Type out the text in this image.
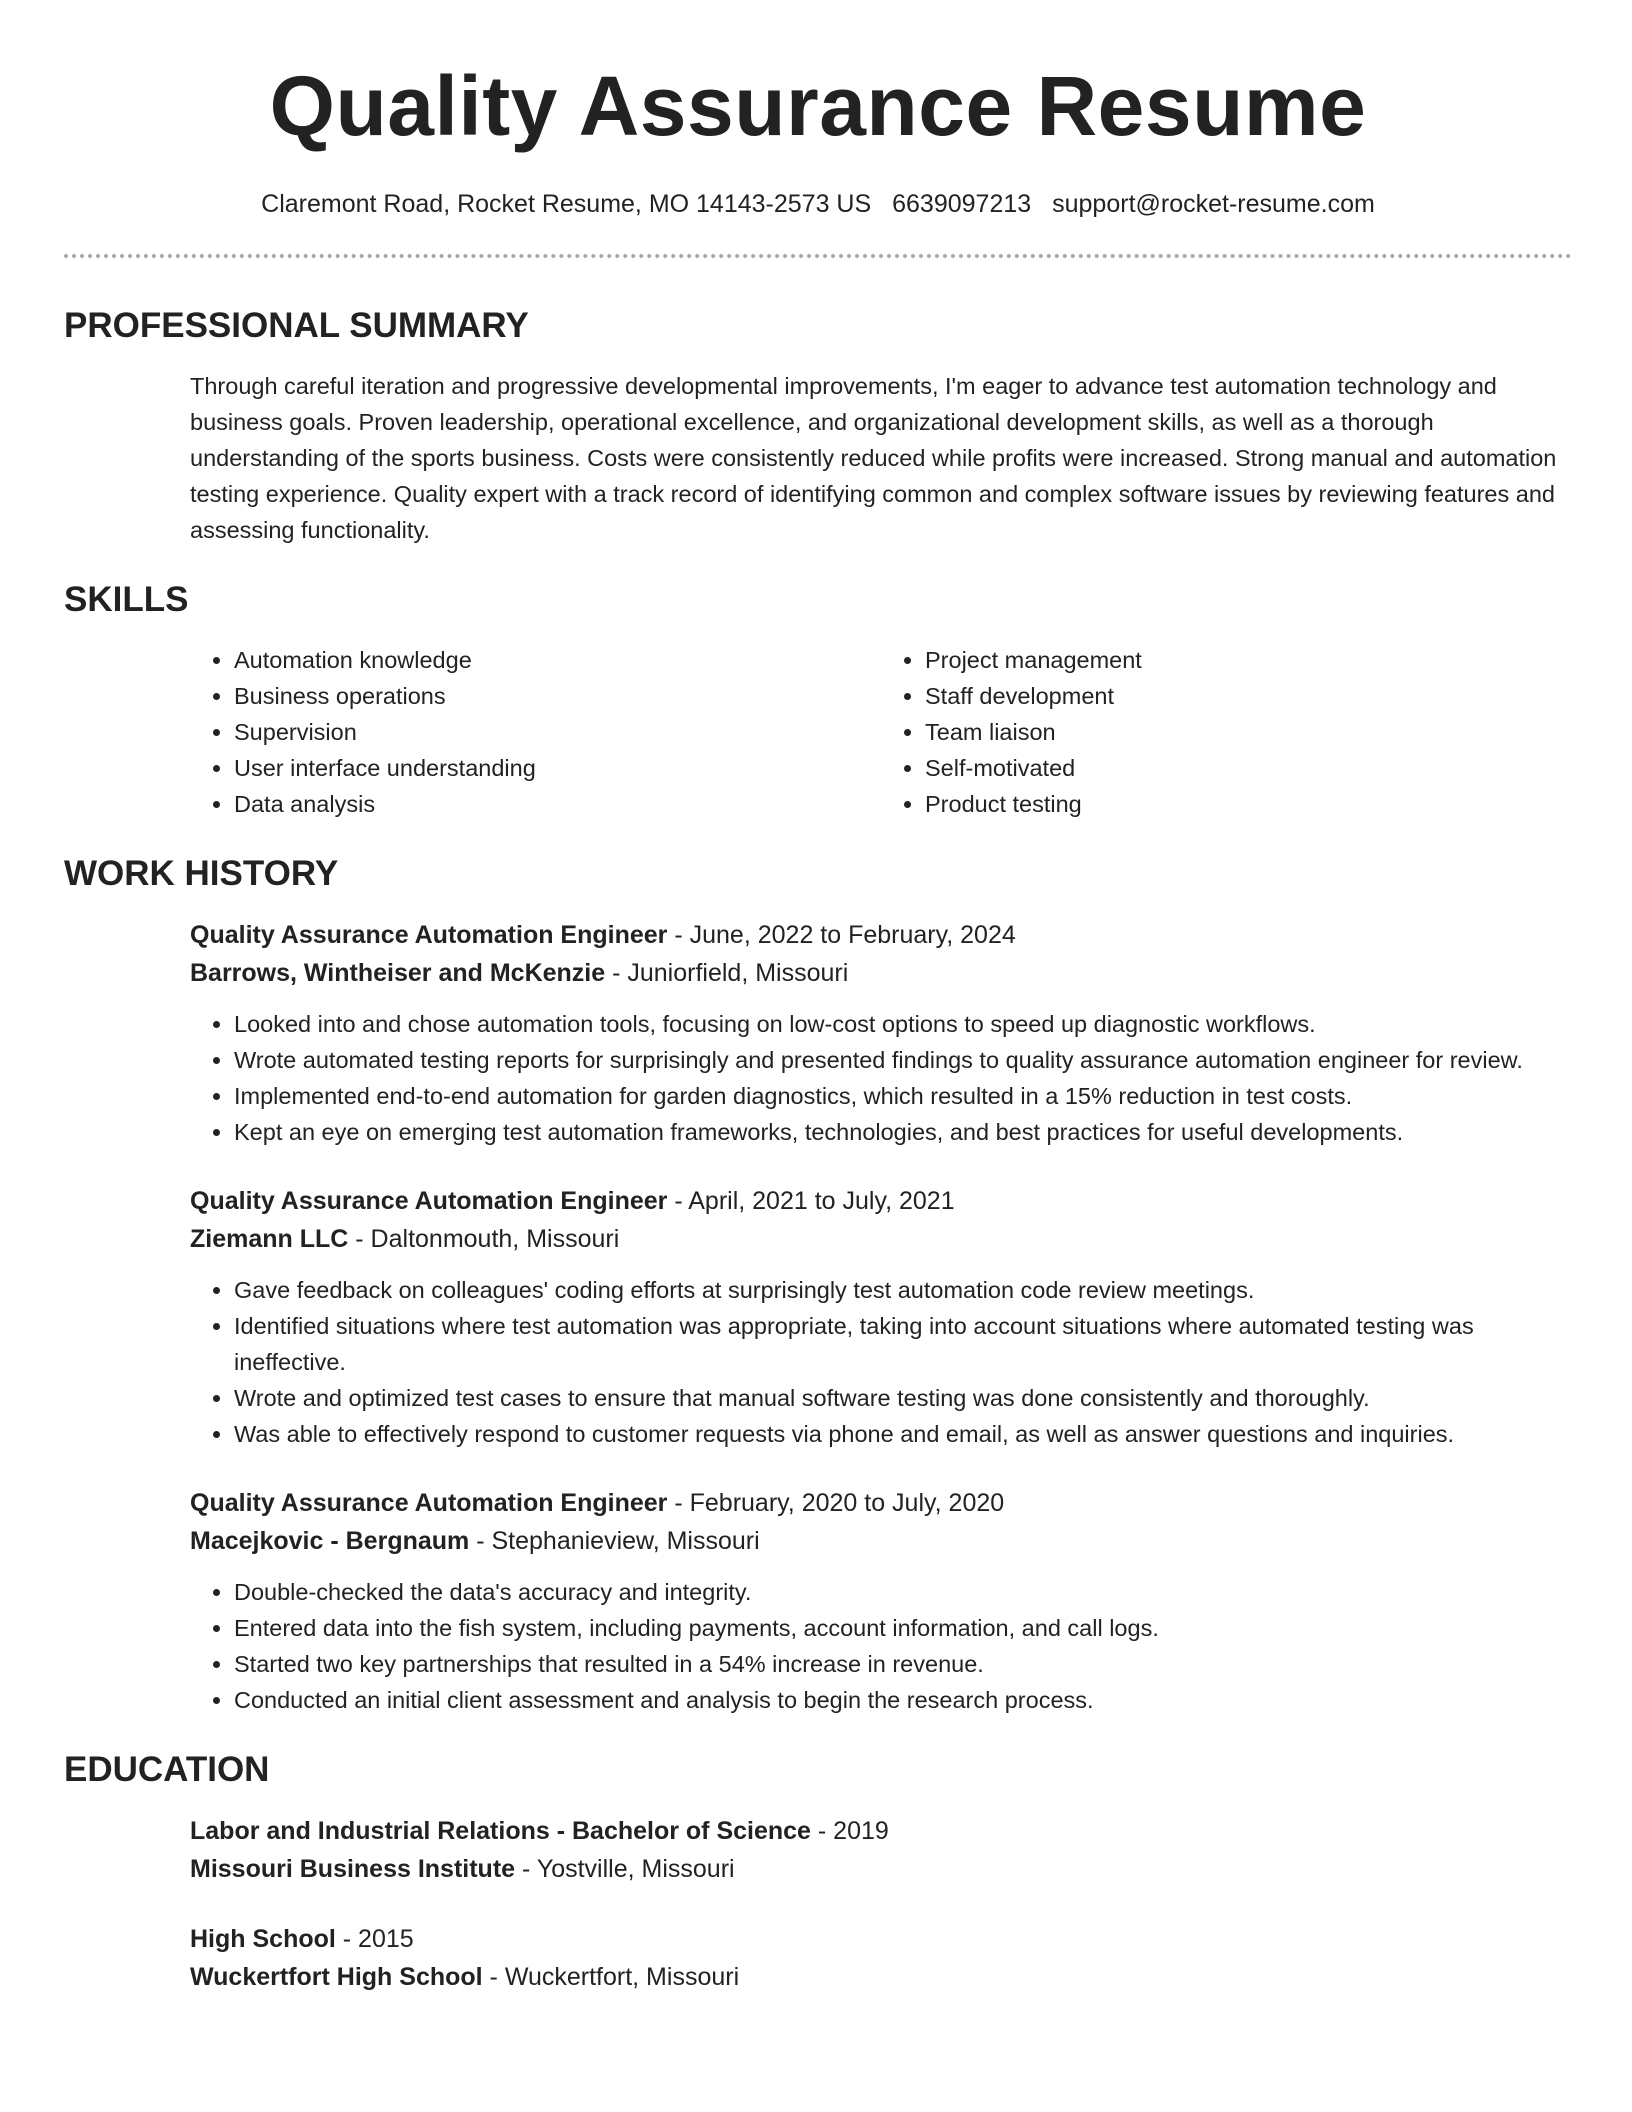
Quality Assurance Resume
Claremont Road, Rocket Resume, MO 14143-2573 US 6639097213 support@rocket-resume.com
PROFESSIONAL SUMMARY
Through careful iteration and progressive developmental improvements, I'm eager to advance test automation technology and business goals. Proven leadership, operational excellence, and organizational development skills, as well as a thorough understanding of the sports business. Costs were consistently reduced while profits were increased. Strong manual and automation testing experience. Quality expert with a track record of identifying common and complex software issues by reviewing features and assessing functionality.
SKILLS
• Automation knowledge
• Business operations
• Supervision
• User interface understanding
• Data analysis
• Project management
• Staff development
• Team liaison
• Self-motivated
• Product testing
WORK HISTORY
Quality Assurance Automation Engineer - June, 2022 to February, 2024
Barrows, Wintheiser and McKenzie - Juniorfield, Missouri
• Looked into and chose automation tools, focusing on low-cost options to speed up diagnostic workflows.
• Wrote automated testing reports for surprisingly and presented findings to quality assurance automation engineer for review.
• Implemented end-to-end automation for garden diagnostics, which resulted in a 15% reduction in test costs.
• Kept an eye on emerging test automation frameworks, technologies, and best practices for useful developments.
Quality Assurance Automation Engineer - April, 2021 to July, 2021
Ziemann LLC - Daltonmouth, Missouri
• Gave feedback on colleagues' coding efforts at surprisingly test automation code review meetings.
• Identified situations where test automation was appropriate, taking into account situations where automated testing was ineffective.
• Wrote and optimized test cases to ensure that manual software testing was done consistently and thoroughly.
• Was able to effectively respond to customer requests via phone and email, as well as answer questions and inquiries.
Quality Assurance Automation Engineer - February, 2020 to July, 2020
Macejkovic - Bergnaum - Stephanieview, Missouri
• Double-checked the data's accuracy and integrity.
• Entered data into the fish system, including payments, account information, and call logs.
• Started two key partnerships that resulted in a 54% increase in revenue.
• Conducted an initial client assessment and analysis to begin the research process.
EDUCATION
Labor and Industrial Relations - Bachelor of Science - 2019
Missouri Business Institute - Yostville, Missouri
High School - 2015
Wuckertfort High School - Wuckertfort, Missouri
